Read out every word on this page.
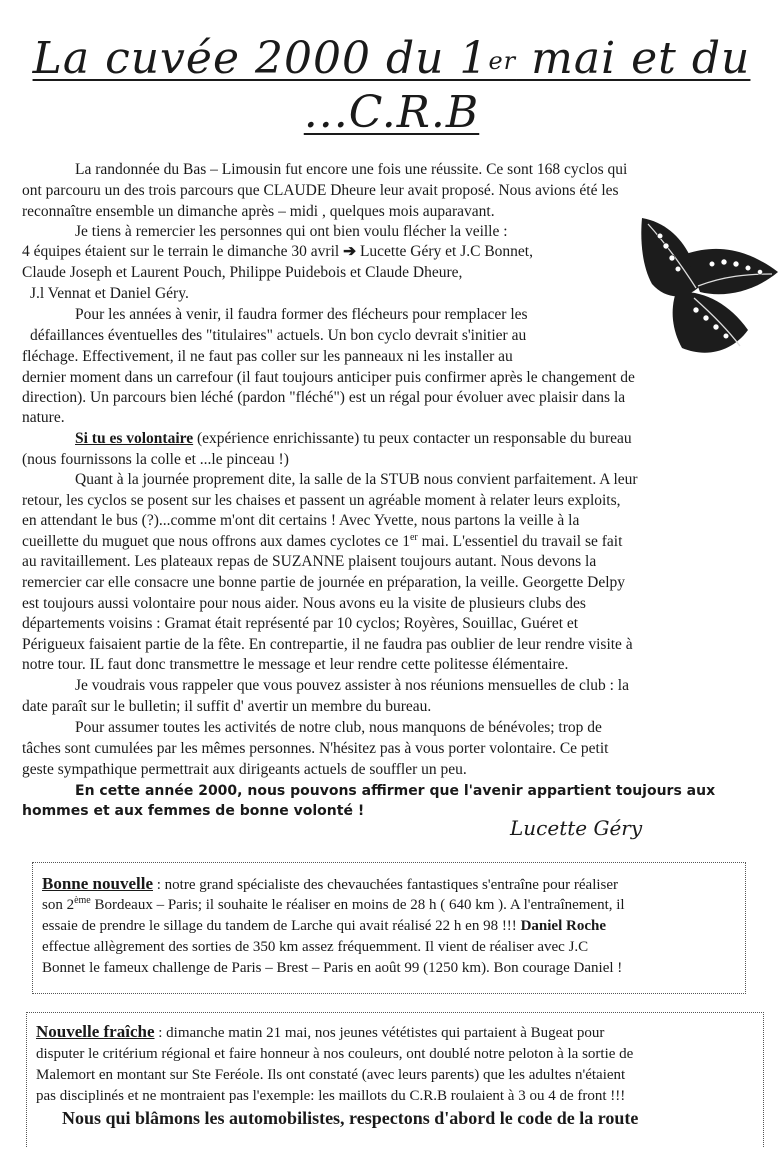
La cuvée 2000 du 1er mai et du
...C.R.B
La randonnée du Bas – Limousin fut encore une fois une réussite. Ce sont 168 cyclos qui
ont parcouru un des trois parcours que CLAUDE Dheure leur avait proposé. Nous avions été les
reconnaître ensemble un dimanche après – midi , quelques mois auparavant.
Je tiens à remercier les personnes qui ont bien voulu flécher la veille :
4 équipes étaient sur le terrain le dimanche 30 avril ➔ Lucette Géry et J.C Bonnet,
Claude Joseph et Laurent Pouch, Philippe Puidebois et Claude Dheure,
J.l Vennat et Daniel Géry.
Pour les années à venir, il faudra former des flécheurs pour remplacer les
défaillances éventuelles des "titulaires" actuels. Un bon cyclo devrait s'initier au
fléchage. Effectivement, il ne faut pas coller sur les panneaux ni les installer au
dernier moment dans un carrefour (il faut toujours anticiper puis confirmer après le changement de
direction). Un parcours bien léché (pardon "fléché") est un régal pour évoluer avec plaisir dans la
nature.
Si tu es volontaire (expérience enrichissante) tu peux contacter un responsable du bureau
(nous fournissons la colle et ...le pinceau !)
Quant à la journée proprement dite, la salle de la STUB nous convient parfaitement. A leur
retour, les cyclos se posent sur les chaises et passent un agréable moment à relater leurs exploits,
en attendant le bus (?)...comme m'ont dit certains ! Avec Yvette, nous partons la veille à la
cueillette du muguet que nous offrons aux dames cyclotes ce 1er mai. L'essentiel du travail se fait
au ravitaillement. Les plateaux repas de SUZANNE plaisent toujours autant. Nous devons la
remercier car elle consacre une bonne partie de journée en préparation, la veille. Georgette Delpy
est toujours aussi volontaire pour nous aider. Nous avons eu la visite de plusieurs clubs des
départements voisins : Gramat était représenté par 10 cyclos; Royères, Souillac, Guéret et
Périgueux faisaient partie de la fête. En contrepartie, il ne faudra pas oublier de leur rendre visite à
notre tour. IL faut donc transmettre le message et leur rendre cette politesse élémentaire.
Je voudrais vous rappeler que vous pouvez assister à nos réunions mensuelles de club : la
date paraît sur le bulletin; il suffit d' avertir un membre du bureau.
Pour assumer toutes les activités de notre club, nous manquons de bénévoles; trop de
tâches sont cumulées par les mêmes personnes. N'hésitez pas à vous porter volontaire. Ce petit
geste sympathique permettrait aux dirigeants actuels de souffler un peu.
En cette année 2000, nous pouvons affirmer que l'avenir appartient toujours aux
hommes et aux femmes de bonne volonté !
Lucette Géry
Bonne nouvelle : notre grand spécialiste des chevauchées fantastiques s'entraîne pour réaliser
son 2ème Bordeaux – Paris; il souhaite le réaliser en moins de 28 h ( 640 km ). A l'entraînement, il
essaie de prendre le sillage du tandem de Larche qui avait réalisé 22 h en 98 !!! Daniel Roche
effectue allègrement des sorties de 350 km assez fréquemment. Il vient de réaliser avec J.C
Bonnet le fameux challenge de Paris – Brest – Paris en août 99 (1250 km). Bon courage Daniel !
Nouvelle fraîche : dimanche matin 21 mai, nos jeunes vététistes qui partaient à Bugeat pour
disputer le critérium régional et faire honneur à nos couleurs, ont doublé notre peloton à la sortie de
Malemort en montant sur Ste Feréole. Ils ont constaté (avec leurs parents) que les adultes n'étaient
pas disciplinés et ne montraient pas l'exemple: les maillots du C.R.B roulaient à 3 ou 4 de front !!!
Nous qui blâmons les automobilistes, respectons d'abord le code de la route
